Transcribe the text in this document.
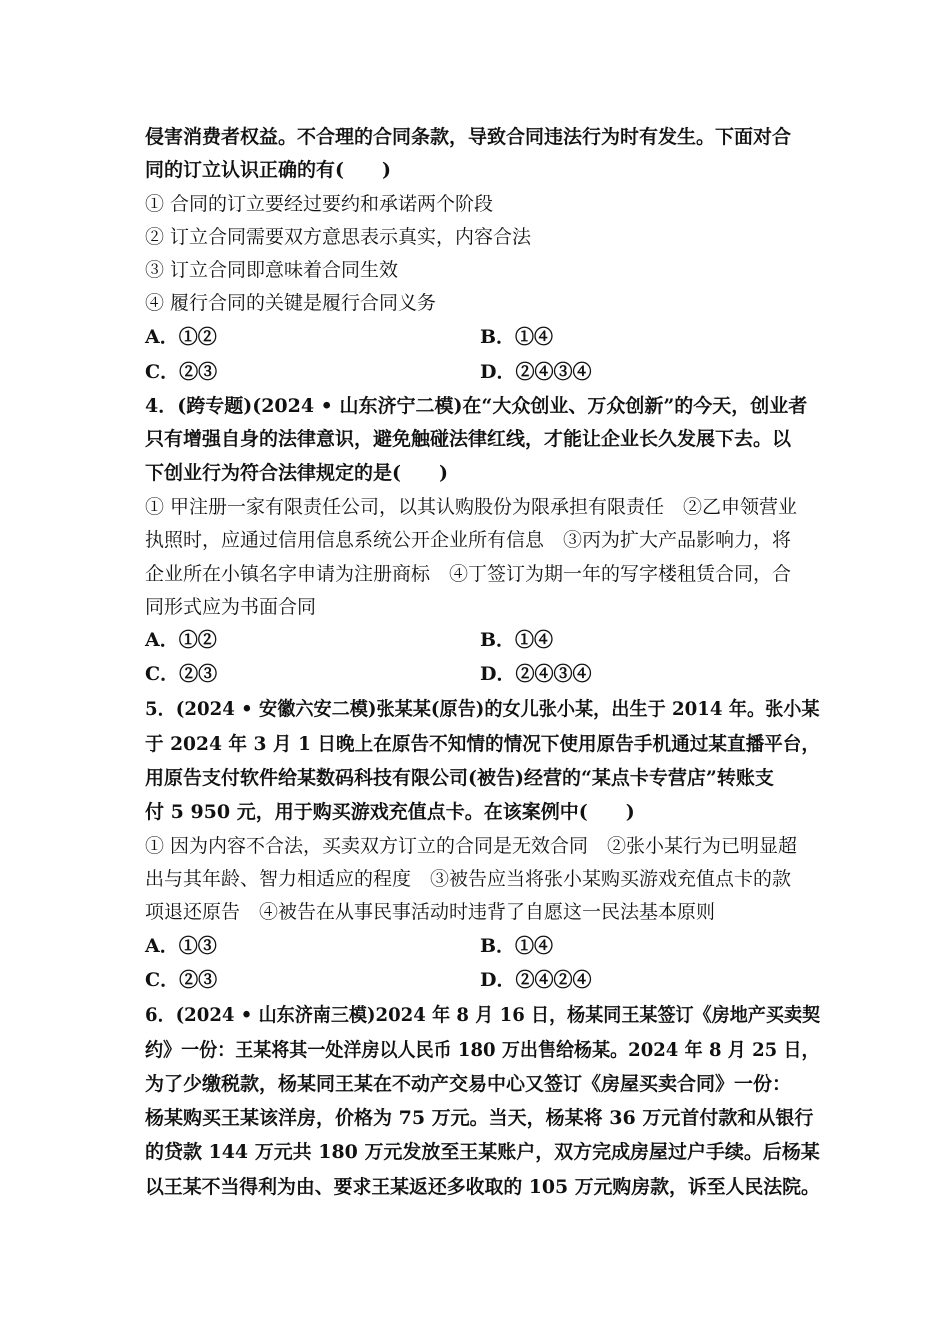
侵害消费者权益。不合理的合同条款，导致合同违法行为时有发生。下面对合
同的订立认识正确的有(　　)
① 合同的订立要经过要约和承诺两个阶段
② 订立合同需要双方意思表示真实，内容合法
③ 订立合同即意味着合同生效
④ 履行合同的关键是履行合同义务
A．①②	B．①④
C．②③	D．②④③④
4．(跨专题)(2024 • 山东济宁二模)在“大众创业、万众创新”的今天，创业者
只有增强自身的法律意识，避免触碰法律红线，才能让企业长久发展下去。以
下创业行为符合法律规定的是(　　)
① 甲注册一家有限责任公司，以其认购股份为限承担有限责任　②乙申领营业
执照时，应通过信用信息系统公开企业所有信息　③丙为扩大产品影响力，将
企业所在小镇名字申请为注册商标　④丁签订为期一年的写字楼租赁合同，合
同形式应为书面合同
A．①②	B．①④
C．②③	D．②④③④
5．(2024 • 安徽六安二模)张某某(原告)的女儿张小某，出生于 2014 年。张小某
于 2024 年 3 月 1 日晚上在原告不知情的情况下使用原告手机通过某直播平台，
用原告支付软件给某数码科技有限公司(被告)经营的“某点卡专营店”转账支
付 5 950 元，用于购买游戏充值点卡。在该案例中(　　)
① 因为内容不合法，买卖双方订立的合同是无效合同　②张小某行为已明显超
出与其年龄、智力相适应的程度　③被告应当将张小某购买游戏充值点卡的款
项退还原告　④被告在从事民事活动时违背了自愿这一民法基本原则
A．①③	B．①④
C．②③	D．②④②④
6．(2024 • 山东济南三模)2024 年 8 月 16 日，杨某同王某签订《房地产买卖契
约》一份：王某将其一处洋房以人民币 180 万出售给杨某。2024 年 8 月 25 日，
为了少缴税款，杨某同王某在不动产交易中心又签订《房屋买卖合同》一份：
杨某购买王某该洋房，价格为 75 万元。当天，杨某将 36 万元首付款和从银行
的贷款 144 万元共 180 万元发放至王某账户，双方完成房屋过户手续。后杨某
以王某不当得利为由、要求王某返还多收取的 105 万元购房款，诉至人民法院。
